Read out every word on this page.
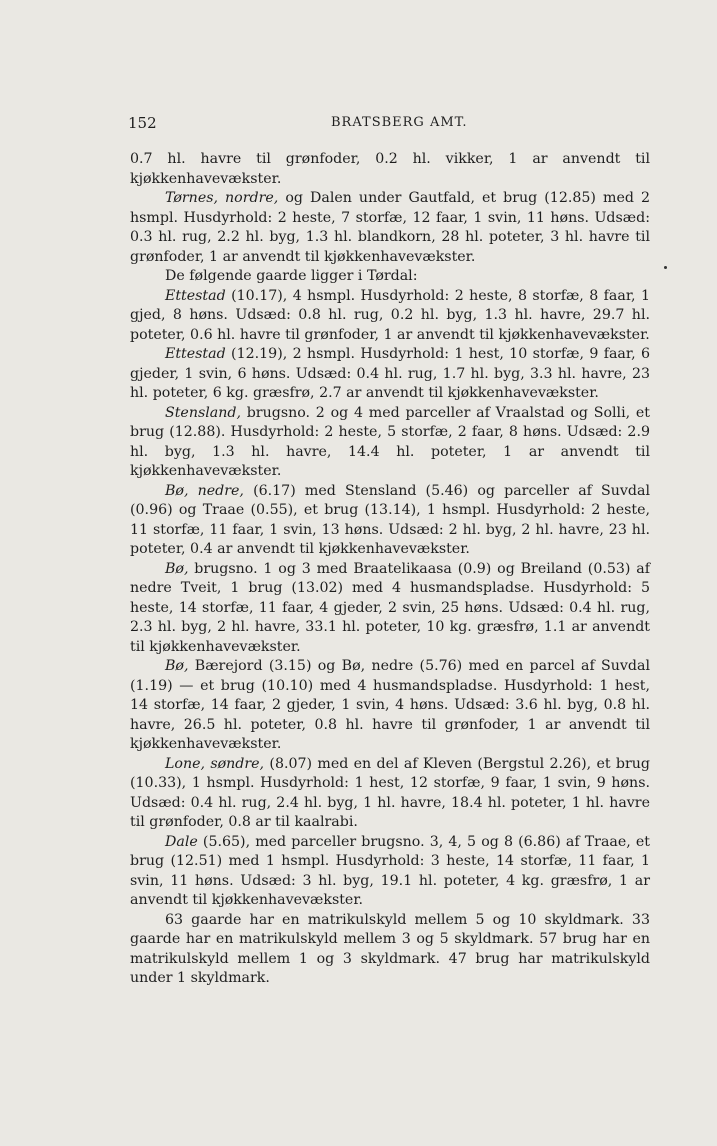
152	BRATSBERG AMT.

0.7 hl. havre til grønfoder, 0.2 hl. vikker, 1 ar anvendt til kjøkkenhavevækster.

Tørnes, nordre, og Dalen under Gautfald, et brug (12.85) med 2 hsmpl. Husdyrhold: 2 heste, 7 storfæ, 12 faar, 1 svin, 11 høns. Udsæd: 0.3 hl. rug, 2.2 hl. byg, 1.3 hl. blandkorn, 28 hl. poteter, 3 hl. havre til grønfoder, 1 ar anvendt til kjøkkenhavevækster.

De følgende gaarde ligger i Tørdal:

Ettestad (10.17), 4 hsmpl. Husdyrhold: 2 heste, 8 storfæ, 8 faar, 1 gjed, 8 høns. Udsæd: 0.8 hl. rug, 0.2 hl. byg, 1.3 hl. havre, 29.7 hl. poteter, 0.6 hl. havre til grønfoder, 1 ar anvendt til kjøkkenhavevækster.

Ettestad (12.19), 2 hsmpl. Husdyrhold: 1 hest, 10 storfæ, 9 faar, 6 gjeder, 1 svin, 6 høns. Udsæd: 0.4 hl. rug, 1.7 hl. byg, 3.3 hl. havre, 23 hl. poteter, 6 kg. græsfrø, 2.7 ar anvendt til kjøkkenhavevækster.

Stensland, brugsno. 2 og 4 med parceller af Vraalstad og Solli, et brug (12.88). Husdyrhold: 2 heste, 5 storfæ, 2 faar, 8 høns. Udsæd: 2.9 hl. byg, 1.3 hl. havre, 14.4 hl. poteter, 1 ar anvendt til kjøkkenhavevækster.

Bø, nedre, (6.17) med Stensland (5.46) og parceller af Suvdal (0.96) og Traae (0.55), et brug (13.14), 1 hsmpl. Husdyrhold: 2 heste, 11 storfæ, 11 faar, 1 svin, 13 høns. Udsæd: 2 hl. byg, 2 hl. havre, 23 hl. poteter, 0.4 ar anvendt til kjøkkenhavevækster.

Bø, brugsno. 1 og 3 med Braatelikaasa (0.9) og Breiland (0.53) af nedre Tveit, 1 brug (13.02) med 4 husmandspladse. Husdyrhold: 5 heste, 14 storfæ, 11 faar, 4 gjeder, 2 svin, 25 høns. Udsæd: 0.4 hl. rug, 2.3 hl. byg, 2 hl. havre, 33.1 hl. poteter, 10 kg. græsfrø, 1.1 ar anvendt til kjøkkenhavevækster.

Bø, Bærejord (3.15) og Bø, nedre (5.76) med en parcel af Suvdal (1.19) — et brug (10.10) med 4 husmandspladse. Husdyrhold: 1 hest, 14 storfæ, 14 faar, 2 gjeder, 1 svin, 4 høns. Udsæd: 3.6 hl. byg, 0.8 hl. havre, 26.5 hl. poteter, 0.8 hl. havre til grønfoder, 1 ar anvendt til kjøkkenhavevækster.

Lone, søndre, (8.07) med en del af Kleven (Bergstul 2.26), et brug (10.33), 1 hsmpl. Husdyrhold: 1 hest, 12 storfæ, 9 faar, 1 svin, 9 høns. Udsæd: 0.4 hl. rug, 2.4 hl. byg, 1 hl. havre, 18.4 hl. poteter, 1 hl. havre til grønfoder, 0.8 ar til kaalrabi.

Dale (5.65), med parceller brugsno. 3, 4, 5 og 8 (6.86) af Traae, et brug (12.51) med 1 hsmpl. Husdyrhold: 3 heste, 14 storfæ, 11 faar, 1 svin, 11 høns. Udsæd: 3 hl. byg, 19.1 hl. poteter, 4 kg. græsfrø, 1 ar anvendt til kjøkkenhavevækster.

63 gaarde har en matrikulskyld mellem 5 og 10 skyldmark. 33 gaarde har en matrikulskyld mellem 3 og 5 skyldmark. 57 brug har en matrikulskyld mellem 1 og 3 skyldmark. 47 brug har matrikulskyld under 1 skyldmark.
